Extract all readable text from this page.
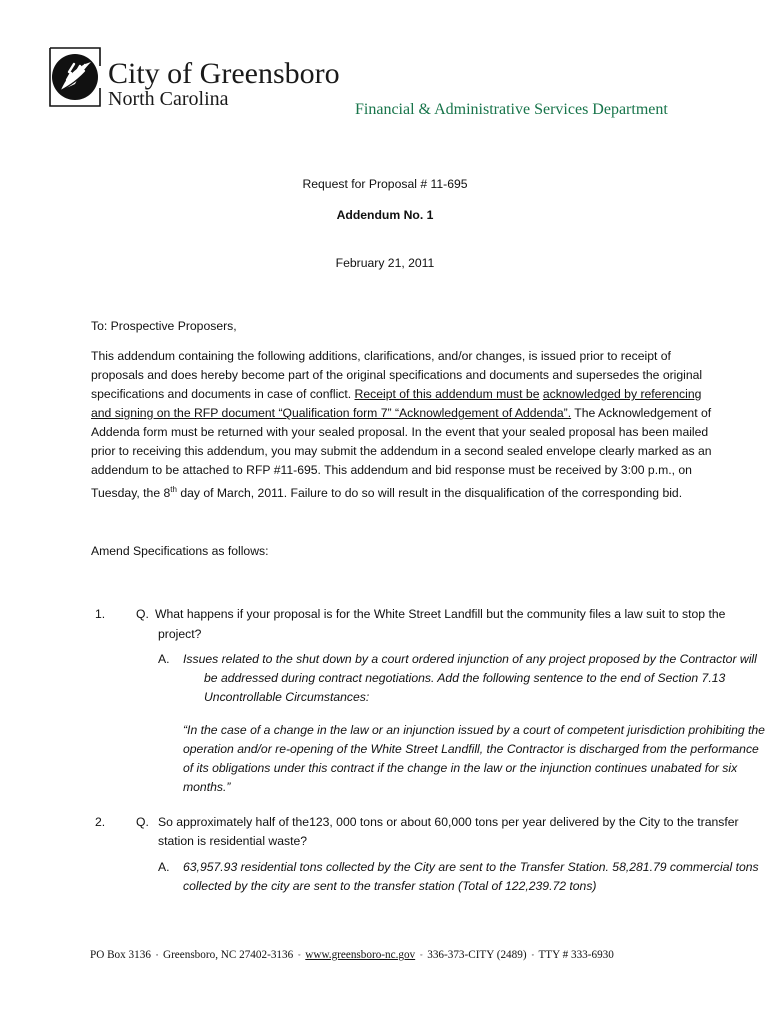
City of Greensboro
North Carolina	Financial & Administrative Services Department
Request for Proposal # 11-695
Addendum No. 1
February 21, 2011
To: Prospective Proposers,
This addendum containing the following additions, clarifications, and/or changes, is issued prior to receipt of
proposals and does hereby become part of the original specifications and documents and supersedes the original
specifications and documents in case of conflict. Receipt of this addendum must be acknowledged by referencing
and signing on the RFP document “Qualification form 7” “Acknowledgement of Addenda”. The Acknowledgement of
Addenda form must be returned with your sealed proposal. In the event that your sealed proposal has been mailed
prior to receiving this addendum, you may submit the addendum in a second sealed envelope clearly marked as an
addendum to be attached to RFP #11-695. This addendum and bid response must be received by 3:00 p.m., on
Tuesday, the 8th day of March, 2011. Failure to do so will result in the disqualification of the corresponding bid.
Amend Specifications as follows:
1.	Q. What happens if your proposal is for the White Street Landfill but the community files a law suit to stop the
project?
A. Issues related to the shut down by a court ordered injunction of any project proposed by the Contractor will
be addressed during contract negotiations. Add the following sentence to the end of Section 7.13
Uncontrollable Circumstances:
“In the case of a change in the law or an injunction issued by a court of competent jurisdiction prohibiting the
operation and/or re-opening of the White Street Landfill, the Contractor is discharged from the performance
of its obligations under this contract if the change in the law or the injunction continues unabated for six
months.”
2.	Q. So approximately half of the123, 000 tons or about 60,000 tons per year delivered by the City to the transfer
station is residential waste?
A. 63,957.93 residential tons collected by the City are sent to the Transfer Station. 58,281.79 commercial tons
collected by the city are sent to the transfer station (Total of 122,239.72 tons)
PO Box 3136 ◦ Greensboro, NC 27402-3136 ◦ www.greensboro-nc.gov ◦ 336-373-CITY (2489) ◦ TTY # 333-6930
